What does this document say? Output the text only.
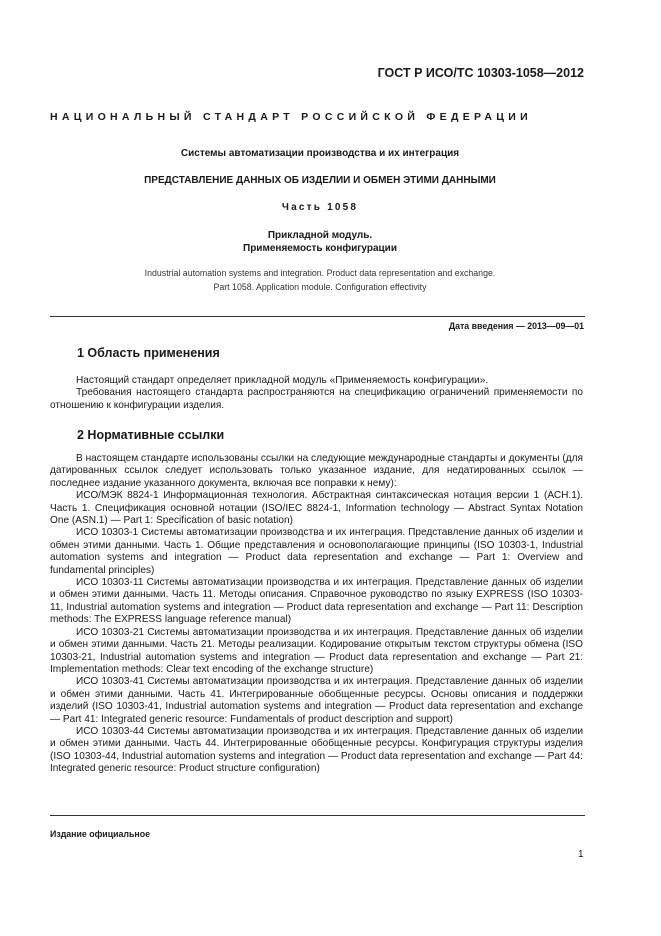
ГОСТ Р ИСО/ТС 10303-1058—2012
НАЦИОНАЛЬНЫЙ СТАНДАРТ РОССИЙСКОЙ ФЕДЕРАЦИИ
Системы автоматизации производства и их интеграция
ПРЕДСТАВЛЕНИЕ ДАННЫХ ОБ ИЗДЕЛИИ И ОБМЕН ЭТИМИ ДАННЫМИ
Часть 1058
Прикладной модуль.
Применяемость конфигурации
Industrial automation systems and integration. Product data representation and exchange.
Part 1058. Application module. Configuration effectivity
Дата введения — 2013—09—01
1 Область применения

Настоящий стандарт определяет прикладной модуль «Применяемость конфигурации».

Требования настоящего стандарта распространяются на спецификацию ограничений применяемости по отношению к конфигурации изделия.

2 Нормативные ссылки

В настоящем стандарте использованы ссылки на следующие международные стандарты и документы (для датированных ссылок следует использовать только указанное издание, для недатированных ссылок — последнее издание указанного документа, включая все поправки к нему):

ИСО/МЭК 8824-1 Информационная технология. Абстрактная синтаксическая нотация версии 1 (АСН.1). Часть 1. Спецификация основной нотации (ISO/IEC 8824-1, Information technology — Abstract Syntax Notation One (ASN.1) — Part 1: Specification of basic notation)

ИСО 10303-1 Системы автоматизации производства и их интеграция. Представление данных об изделии и обмен этими данными. Часть 1. Общие представления и основополагающие принципы (ISO 10303-1, Industrial automation systems and integration — Product data representation and exchange — Part 1: Overview and fundamental principles)

ИСО 10303-11 Системы автоматизации производства и их интеграция. Представление данных об изделии и обмен этими данными. Часть 11. Методы описания. Справочное руководство по языку EXPRESS (ISO 10303-11, Industrial automation systems and integration — Product data representation and exchange — Part 11: Description methods: The EXPRESS language reference manual)

ИСО 10303-21 Системы автоматизации производства и их интеграция. Представление данных об изделии и обмен этими данными. Часть 21. Методы реализации. Кодирование открытым текстом структуры обмена (ISO 10303-21, Industrial automation systems and integration — Product data representation and exchange — Part 21: Implementation methods: Clear text encoding of the exchange structure)

ИСО 10303-41 Системы автоматизации производства и их интеграция. Представление данных об изделии и обмен этими данными. Часть 41. Интегрированные обобщенные ресурсы. Основы описания и поддержки изделий (ISO 10303-41, Industrial automation systems and integration — Product data representation and exchange — Part 41: Integrated generic resource: Fundamentals of product description and support)

ИСО 10303-44 Системы автоматизации производства и их интеграция. Представление данных об изделии и обмен этими данными. Часть 44. Интегрированные обобщенные ресурсы. Конфигурация структуры изделия (ISO 10303-44, Industrial automation systems and integration — Product data representation and exchange — Part 44: Integrated generic resource: Product structure configuration)

Издание официальное
1
